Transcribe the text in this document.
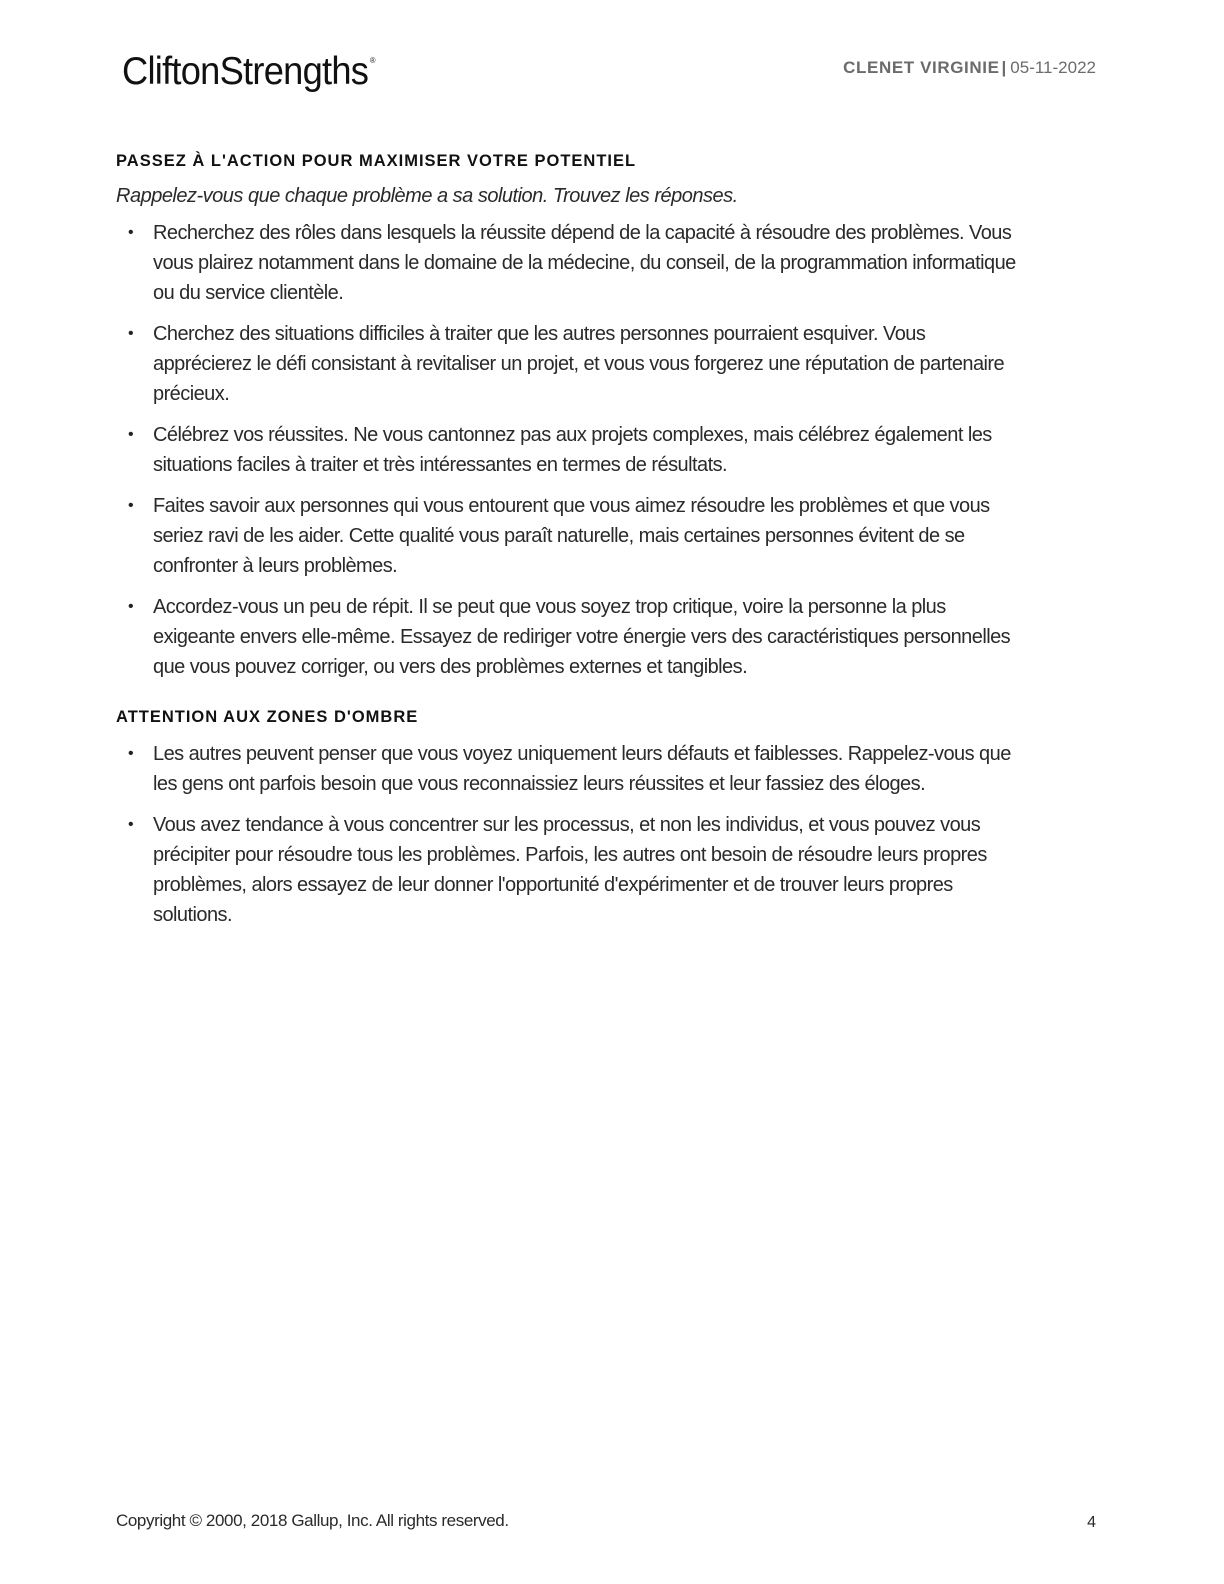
CliftonStrengths ®	CLENET VIRGINIE | 05-11-2022
PASSEZ À L'ACTION POUR MAXIMISER VOTRE POTENTIEL

Rappelez-vous que chaque problème a sa solution. Trouvez les réponses.

• Recherchez des rôles dans lesquels la réussite dépend de la capacité à résoudre des problèmes. Vous vous plairez notamment dans le domaine de la médecine, du conseil, de la programmation informatique ou du service clientèle.
• Cherchez des situations difficiles à traiter que les autres personnes pourraient esquiver. Vous apprécierez le défi consistant à revitaliser un projet, et vous vous forgerez une réputation de partenaire précieux.
• Célébrez vos réussites. Ne vous cantonnez pas aux projets complexes, mais célébrez également les situations faciles à traiter et très intéressantes en termes de résultats.
• Faites savoir aux personnes qui vous entourent que vous aimez résoudre les problèmes et que vous seriez ravi de les aider. Cette qualité vous paraît naturelle, mais certaines personnes évitent de se confronter à leurs problèmes.
• Accordez-vous un peu de répit. Il se peut que vous soyez trop critique, voire la personne la plus exigeante envers elle-même. Essayez de rediriger votre énergie vers des caractéristiques personnelles que vous pouvez corriger, ou vers des problèmes externes et tangibles.
ATTENTION AUX ZONES D'OMBRE
• Les autres peuvent penser que vous voyez uniquement leurs défauts et faiblesses. Rappelez-vous que les gens ont parfois besoin que vous reconnaissiez leurs réussites et leur fassiez des éloges.
• Vous avez tendance à vous concentrer sur les processus, et non les individus, et vous pouvez vous précipiter pour résoudre tous les problèmes. Parfois, les autres ont besoin de résoudre leurs propres problèmes, alors essayez de leur donner l'opportunité d'expérimenter et de trouver leurs propres solutions.
Copyright © 2000, 2018 Gallup, Inc. All rights reserved.	4
